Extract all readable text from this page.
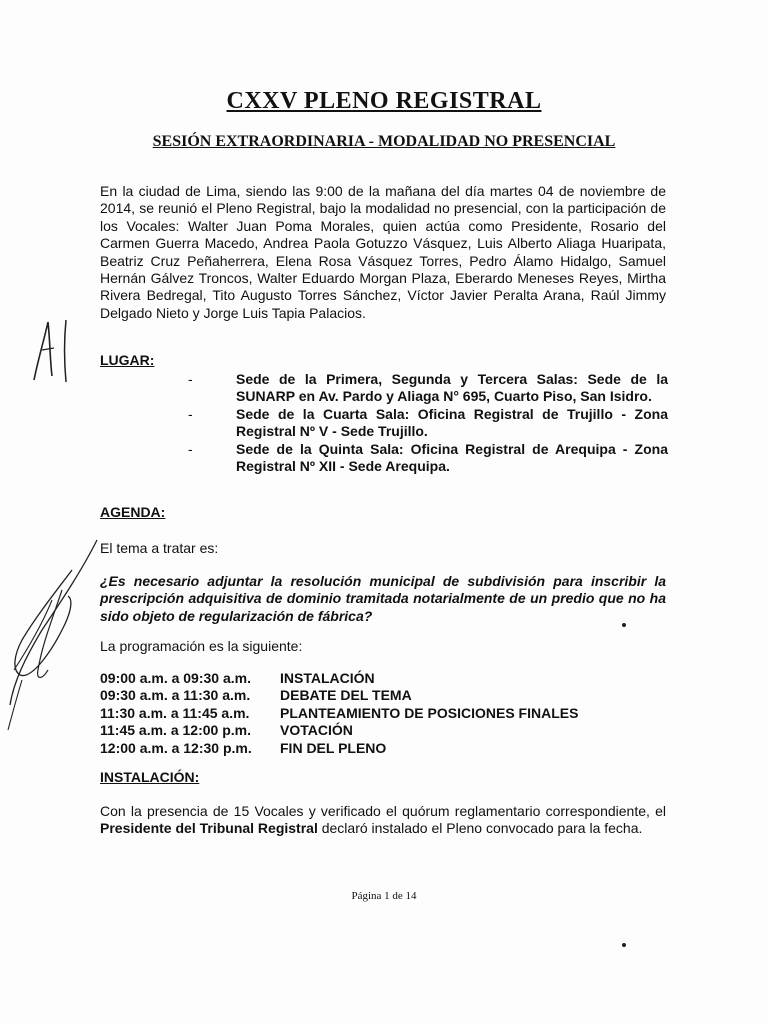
CXXV PLENO REGISTRAL
SESIÓN EXTRAORDINARIA - MODALIDAD NO PRESENCIAL
En la ciudad de Lima, siendo las 9:00 de la mañana del día martes 04 de noviembre de 2014, se reunió el Pleno Registral, bajo la modalidad no presencial, con la participación de los Vocales: Walter Juan Poma Morales, quien actúa como Presidente, Rosario del Carmen Guerra Macedo, Andrea Paola Gotuzzo Vásquez, Luis Alberto Aliaga Huaripata, Beatriz Cruz Peñaherrera, Elena Rosa Vásquez Torres, Pedro Álamo Hidalgo, Samuel Hernán Gálvez Troncos, Walter Eduardo Morgan Plaza, Eberardo Meneses Reyes, Mirtha Rivera Bedregal, Tito Augusto Torres Sánchez, Víctor Javier Peralta Arana, Raúl Jimmy Delgado Nieto y Jorge Luis Tapia Palacios.
LUGAR:
-	Sede de la Primera, Segunda y Tercera Salas: Sede de la SUNARP en Av. Pardo y Aliaga N° 695, Cuarto Piso, San Isidro.
-	Sede de la Cuarta Sala: Oficina Registral de Trujillo - Zona Registral Nº V - Sede Trujillo.
-	Sede de la Quinta Sala: Oficina Registral de Arequipa - Zona Registral Nº XII - Sede Arequipa.
AGENDA:
El tema a tratar es:
¿Es necesario adjuntar la resolución municipal de subdivisión para inscribir la prescripción adquisitiva de dominio tramitada notarialmente de un predio que no ha sido objeto de regularización de fábrica?
La programación es la siguiente:
09:00 a.m. a 09:30 a.m.	INSTALACIÓN
09:30 a.m. a 11:30 a.m.	DEBATE DEL TEMA
11:30 a.m. a 11:45 a.m.	PLANTEAMIENTO DE POSICIONES FINALES
11:45 a.m. a 12:00 p.m.	VOTACIÓN
12:00 a.m. a 12:30 p.m.	FIN DEL PLENO
INSTALACIÓN:
Con la presencia de 15 Vocales y verificado el quórum reglamentario correspondiente, el Presidente del Tribunal Registral declaró instalado el Pleno convocado para la fecha.
Página 1 de 14
